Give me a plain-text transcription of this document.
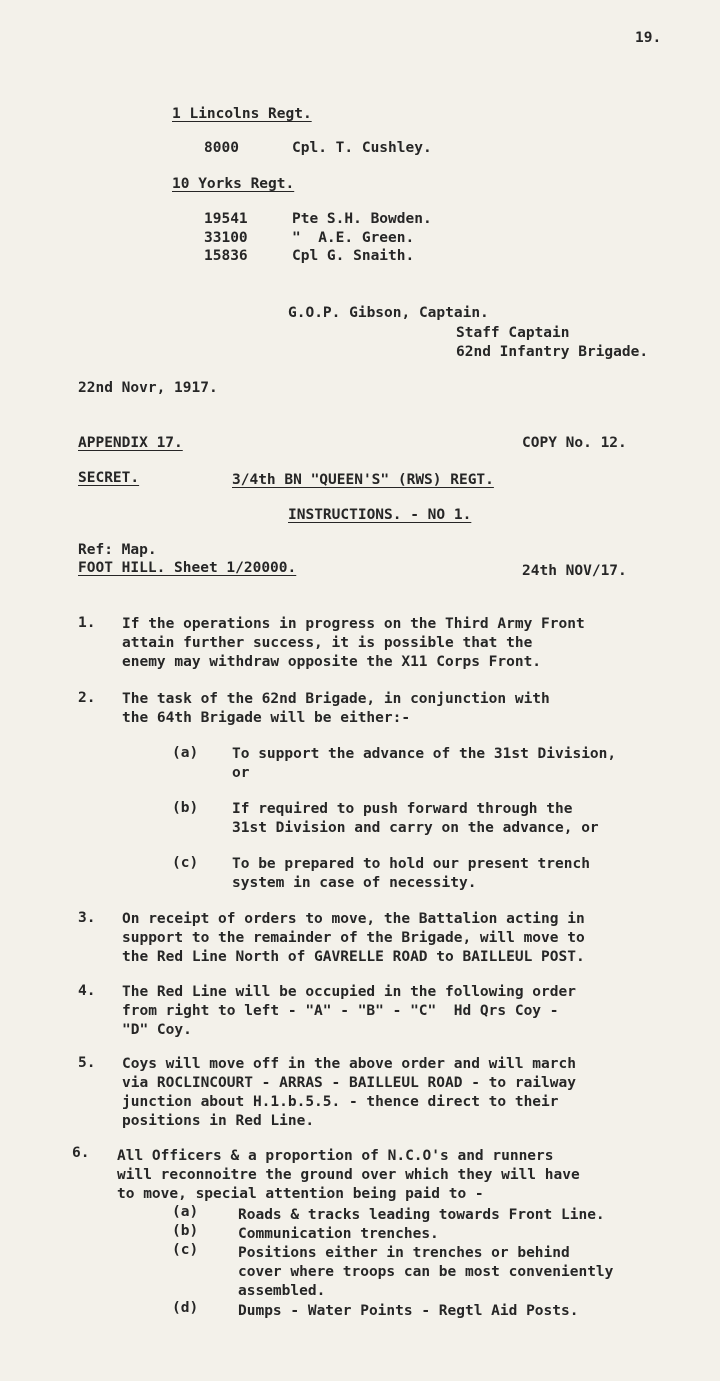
19.
1 Lincolns Regt.
8000	Cpl. T. Cushley.
10 Yorks Regt.
19541	Pte S.H. Bowden.
33100	"  A.E. Green.
15836	Cpl G. Snaith.
G.O.P. Gibson, Captain.
Staff Captain
62nd Infantry Brigade.
22nd Novr, 1917.
APPENDIX 17.	COPY No. 12.
SECRET.	3/4th BN "QUEEN'S" (RWS) REGT.
INSTRUCTIONS. - NO 1.
Ref: Map.
FOOT HILL. Sheet 1/20000.	24th NOV/17.
1.	If the operations in progress on the Third Army Front
attain further success, it is possible that the
enemy may withdraw opposite the X11 Corps Front.
2.	The task of the 62nd Brigade, in conjunction with
the 64th Brigade will be either:-
(a) To support the advance of the 31st Division,
or
(b) If required to push forward through the
31st Division and carry on the advance, or
(c) To be prepared to hold our present trench
system in case of necessity.
3.	On receipt of orders to move, the Battalion acting in
support to the remainder of the Brigade, will move to
the Red Line North of GAVRELLE ROAD to BAILLEUL POST.
4.	The Red Line will be occupied in the following order
from right to left - "A" - "B" - "C"  Hd Qrs Coy -
"D" Coy.
5.	Coys will move off in the above order and will march
via ROCLINCOURT - ARRAS - BAILLEUL ROAD - to railway
junction about H.1.b.5.5. - thence direct to their
positions in Red Line.
6.	All Officers & a proportion of N.C.O's and runners
will reconnoitre the ground over which they will have
to move, special attention being paid to -
(a)	Roads & tracks leading towards Front Line.
(b)	Communication trenches.
(c)	Positions either in trenches or behind
cover where troops can be most conveniently
assembled.
(d)	Dumps - Water Points - Regtl Aid Posts.
